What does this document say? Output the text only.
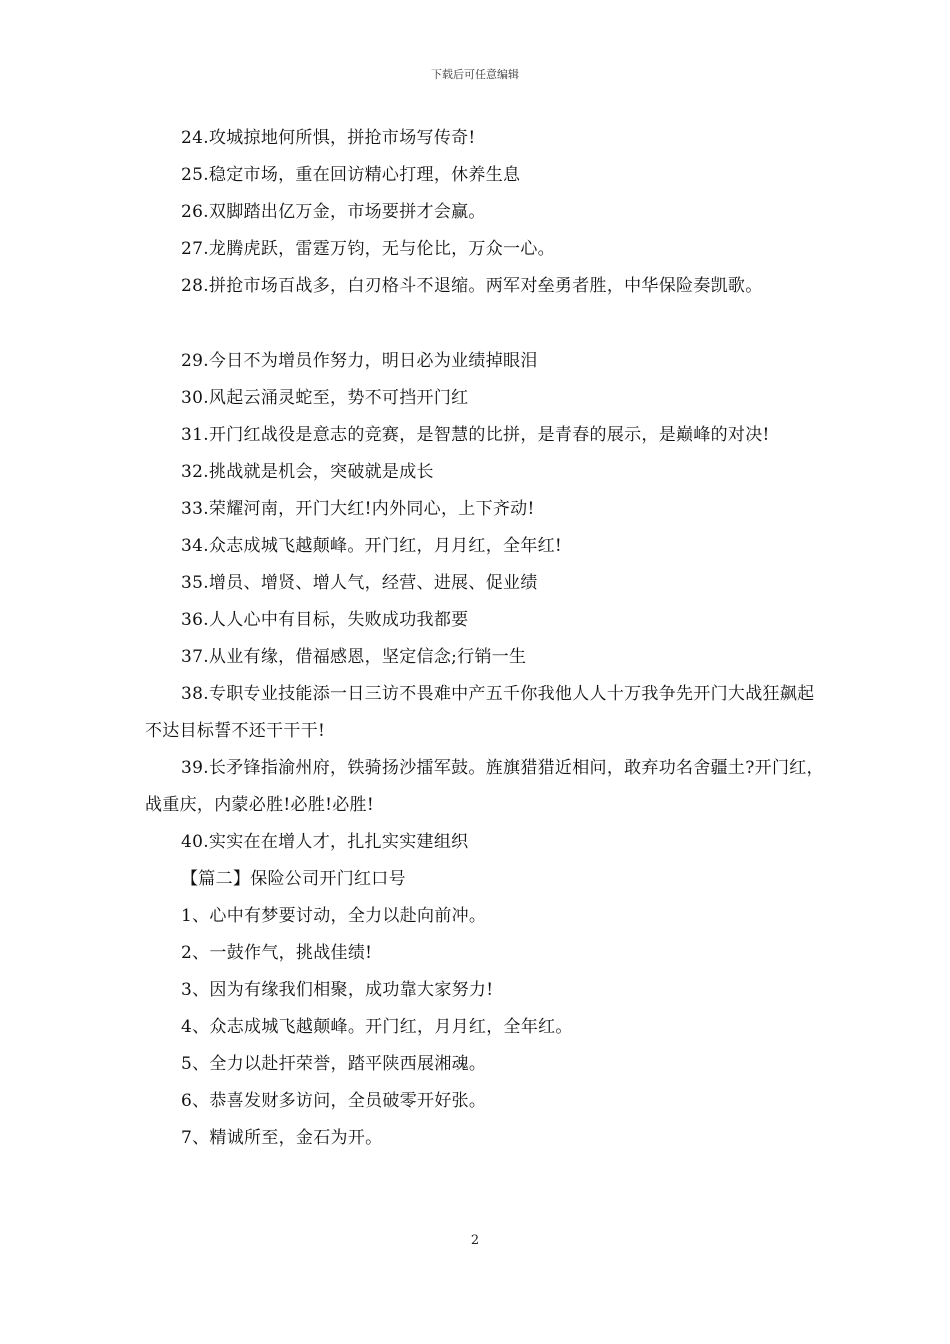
下载后可任意编辑

24.攻城掠地何所惧，拼抢市场写传奇!

25.稳定市场，重在回访精心打理，休养生息

26.双脚踏出亿万金，市场要拼才会赢。

27.龙腾虎跃，雷霆万钧，无与伦比，万众一心。

28.拼抢市场百战多，白刃格斗不退缩。两军对垒勇者胜，中华保险奏凯歌。

29.今日不为增员作努力，明日必为业绩掉眼泪

30.风起云涌灵蛇至，势不可挡开门红

31.开门红战役是意志的竞赛，是智慧的比拼，是青春的展示，是巅峰的对决!

32.挑战就是机会，突破就是成长

33.荣耀河南，开门大红!内外同心，上下齐动!

34.众志成城飞越颠峰。开门红，月月红，全年红!

35.增员、增贤、增人气，经营、进展、促业绩

36.人人心中有目标，失败成功我都要

37.从业有缘，借福感恩，坚定信念;行销一生

38.专职专业技能添一日三访不畏难中产五千你我他人人十万我争先开门大战狂飙起不达目标誓不还干干干!

39.长矛锋指渝州府，铁骑扬沙擂军鼓。旌旗猎猎近相问，敢弃功名舍疆土?开门红，战重庆，内蒙必胜!必胜!必胜!

40.实实在在增人才，扎扎实实建组织

【篇二】保险公司开门红口号

1、心中有梦要讨动，全力以赴向前冲。

2、一鼓作气，挑战佳绩!

3、因为有缘我们相聚，成功靠大家努力!

4、众志成城飞越颠峰。开门红，月月红，全年红。

5、全力以赴扞荣誉，踏平陕西展湘魂。

6、恭喜发财多访问，全员破零开好张。

7、精诚所至，金石为开。

2
